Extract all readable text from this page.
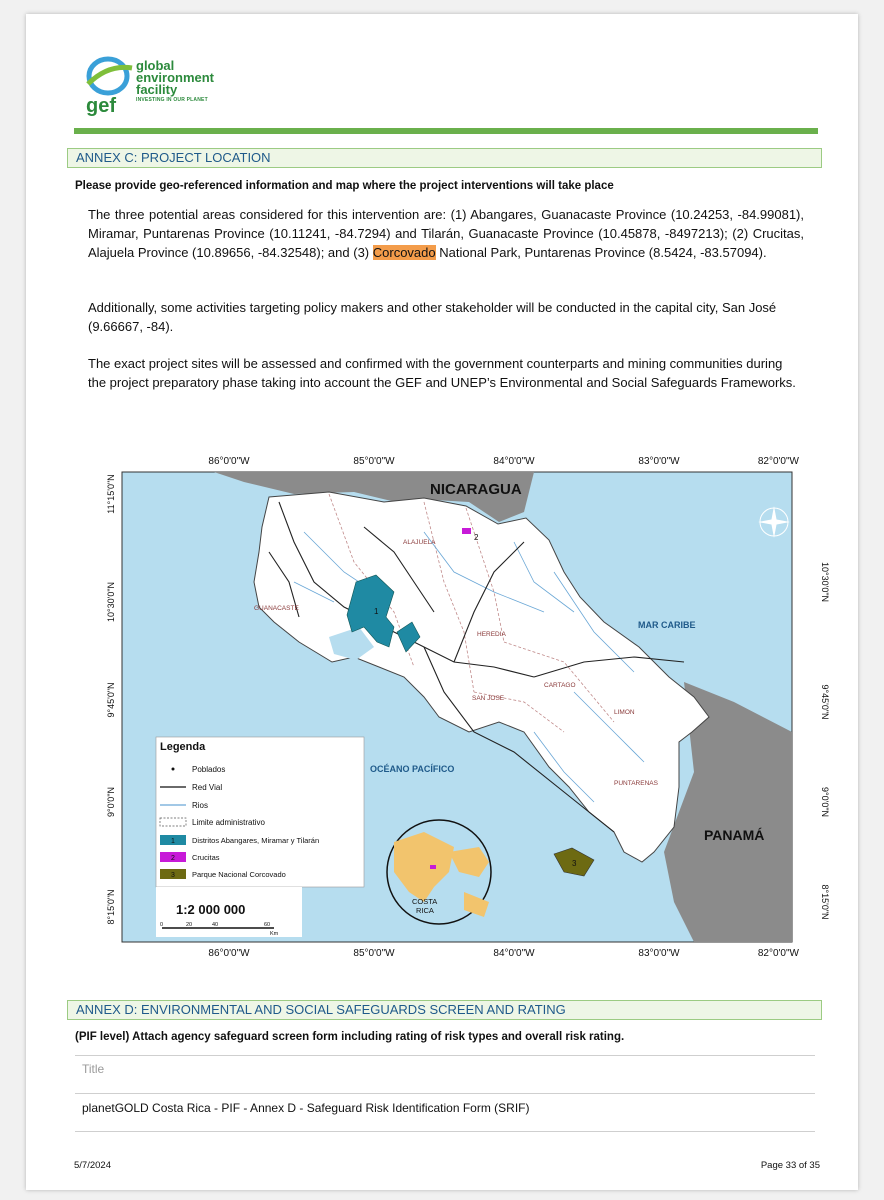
gef
global
environment
facility
INVESTING IN OUR PLANET
ANNEX C: PROJECT LOCATION
Please provide geo-referenced information and map where the project interventions will take place

The three potential areas considered for this intervention are: (1) Abangares, Guanacaste Province (10.24253, -84.99081), Miramar, Puntarenas Province (10.11241, -84.7294) and Tilarán, Guanacaste Province (10.45878, -8497213); (2) Crucitas, Alajuela Province (10.89656, -84.32548); and (3) Corcovado National Park, Puntarenas Province (8.5424, -83.57094).

Additionally, some activities targeting policy makers and other stakeholder will be conducted in the capital city, San José (9.66667, -84).

The exact project sites will be assessed and confirmed with the government counterparts and mining communities during the project preparatory phase taking into account the GEF and UNEP’s Environmental and Social Safeguards Frameworks.

1
2
3
NICARAGUA
PANAMÁ
MAR CARIBE
OCÉANO PACÍFICO
GUANACASTE
ALAJUELA
HEREDIA
SAN JOSE
CARTAGO
LIMON
PUNTARENAS
86°0'0"W	85°0'0"W	84°0'0"W	83°0'0"W	82°0'0"W
86°0'0"W	85°0'0"W	84°0'0"W	83°0'0"W	82°0'0"W
11°15'0"N
10°30'0"N
9°45'0"N
9°0'0"N
8°15'0"N
10°30'0"N
9°45'0"N
9°0'0"N
8°15'0"N
Legenda
Poblados
Red Vial
Rios
Limite administrativo
1 Distritos Abangares, Miramar y Tilarán
2 Crucitas
3 Parque Nacional Corcovado
1:2 000 000
0	20	40	60
Km
COSTA
RICA
ANNEX D: ENVIRONMENTAL AND SOCIAL SAFEGUARDS SCREEN AND RATING
(PIF level) Attach agency safeguard screen form including rating of risk types and overall risk rating.
Title
planetGOLD Costa Rica - PIF - Annex D - Safeguard Risk Identification Form (SRIF)
5/7/2024	Page 33 of 35
